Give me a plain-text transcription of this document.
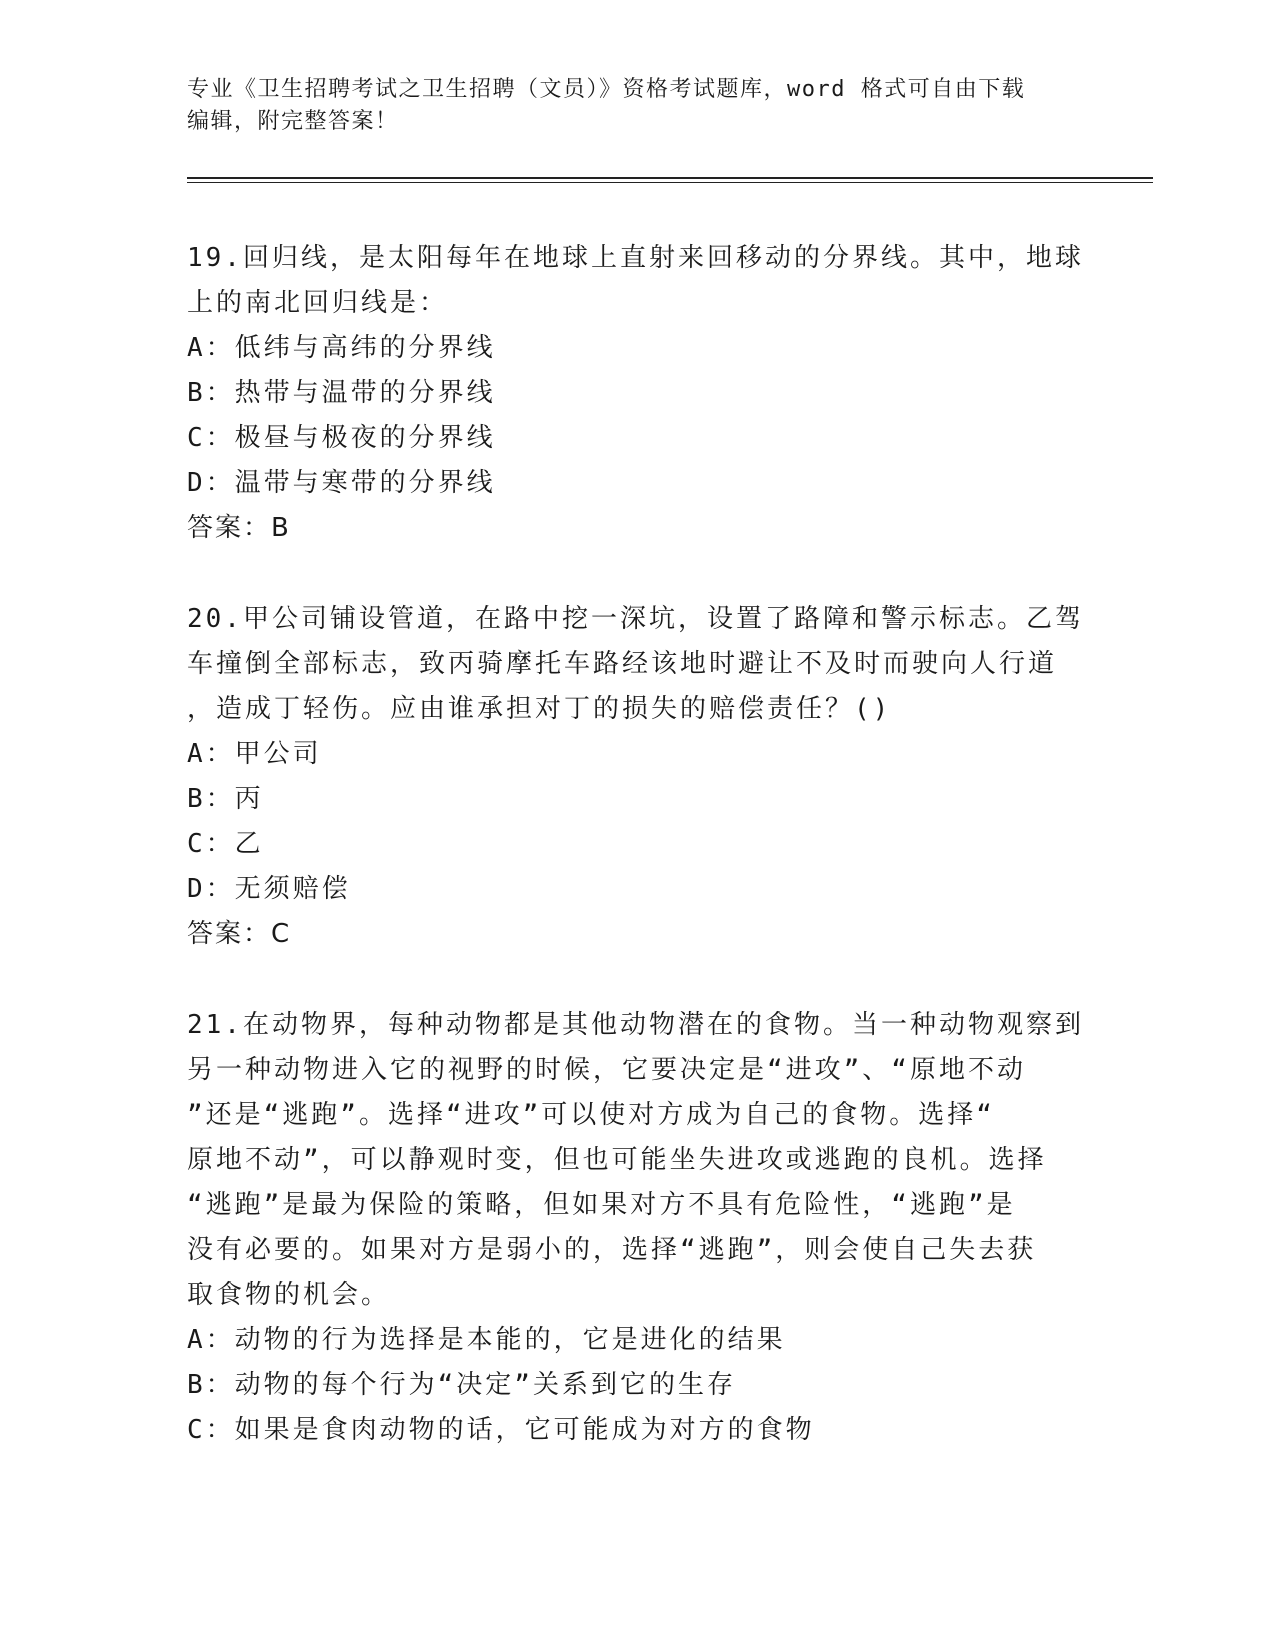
专业《卫生招聘考试之卫生招聘（文员）》资格考试题库，word 格式可自由下载
编辑，附完整答案！
19.回归线，是太阳每年在地球上直射来回移动的分界线。其中，地球
上的南北回归线是：
A：低纬与高纬的分界线
B：热带与温带的分界线
C：极昼与极夜的分界线
D：温带与寒带的分界线
答案：B
20.甲公司铺设管道，在路中挖一深坑，设置了路障和警示标志。乙驾
车撞倒全部标志，致丙骑摩托车路经该地时避让不及时而驶向人行道
，造成丁轻伤。应由谁承担对丁的损失的赔偿责任？()
A：甲公司
B：丙
C：乙
D：无须赔偿
答案：C
21.在动物界，每种动物都是其他动物潜在的食物。当一种动物观察到
另一种动物进入它的视野的时候，它要决定是“进攻”、“原地不动
”还是“逃跑”。选择“进攻”可以使对方成为自己的食物。选择“
原地不动”，可以静观时变，但也可能坐失进攻或逃跑的良机。选择
“逃跑”是最为保险的策略，但如果对方不具有危险性，“逃跑”是
没有必要的。如果对方是弱小的，选择“逃跑”，则会使自己失去获
取食物的机会。
A：动物的行为选择是本能的，它是进化的结果
B：动物的每个行为“决定”关系到它的生存
C：如果是食肉动物的话，它可能成为对方的食物
